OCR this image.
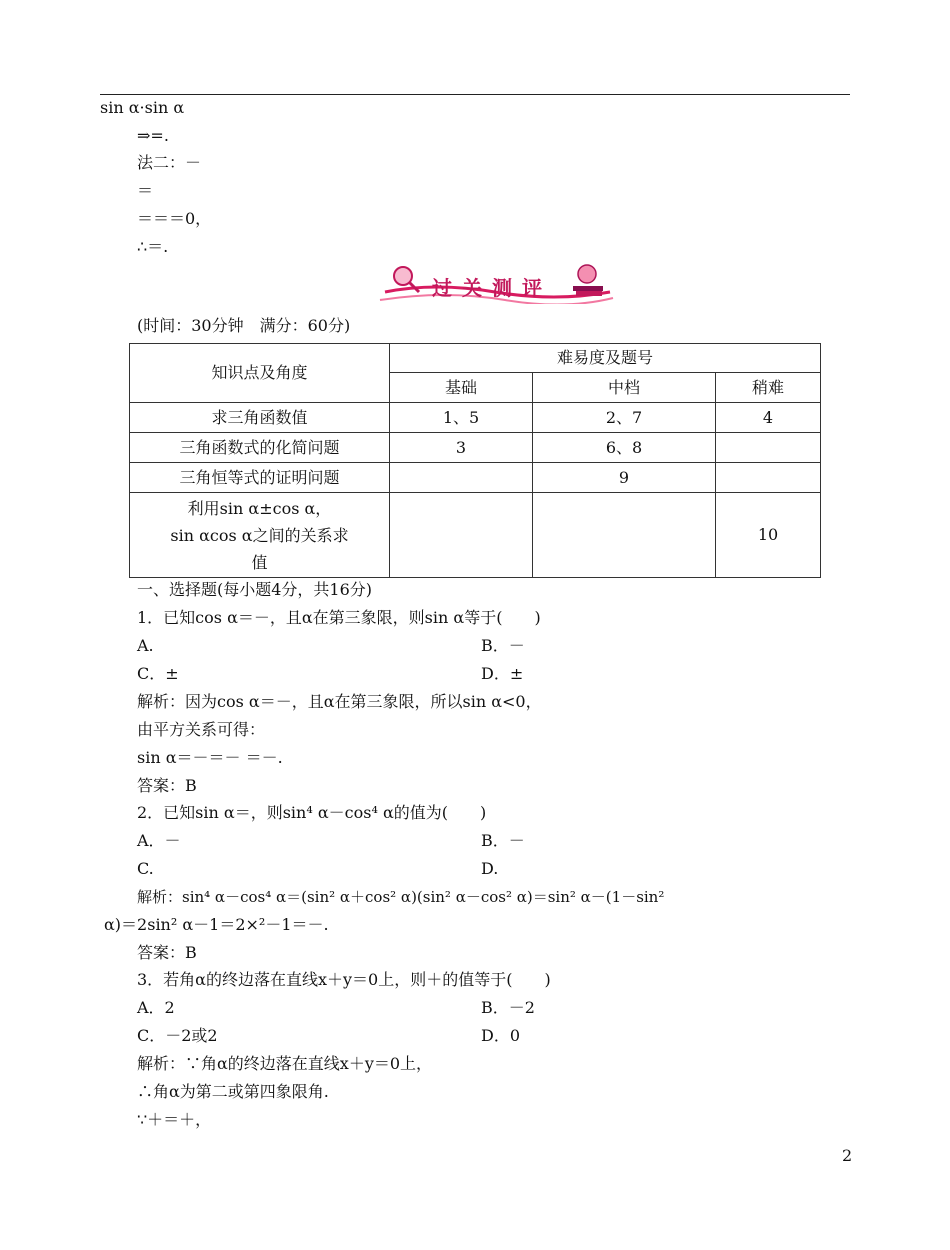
sin α·sin α
⇒=.
法二：－
＝
＝＝＝0，
∴＝.
过关测评
(时间：30分钟　满分：60分)
知识点及角度	难易度及题号		
	基础	中档	稍难
求三角函数值	1、5	2、7	4
三角函数式的化简问题	3	6、8	
三角恒等式的证明问题		9	

利用sin α±cos α，
sin αcos α之间的关系求
值			10
一、选择题(每小题4分，共16分)
1．已知cos α＝－，且α在第三象限，则sin α等于(　　)
A.	B．－
C．±	D．±
解析：因为cos α＝－，且α在第三象限，所以sin α<0，
由平方关系可得：
sin α＝－＝－ ＝－.
答案：B
2．已知sin α＝，则sin⁴ α－cos⁴ α的值为(　　)
A．－	B．－
C.	D.
解析：sin⁴ α－cos⁴ α＝(sin² α＋cos² α)(sin² α－cos² α)＝sin² α－(1－sin²
α)＝2sin² α－1＝2×²－1＝－.
答案：B
3．若角α的终边落在直线x＋y＝0上，则＋的值等于(　　)
A．2	B．－2
C．－2或2	D．0
解析：∵角α的终边落在直线x＋y＝0上，
∴角α为第二或第四象限角.
∵＋＝＋，
2
